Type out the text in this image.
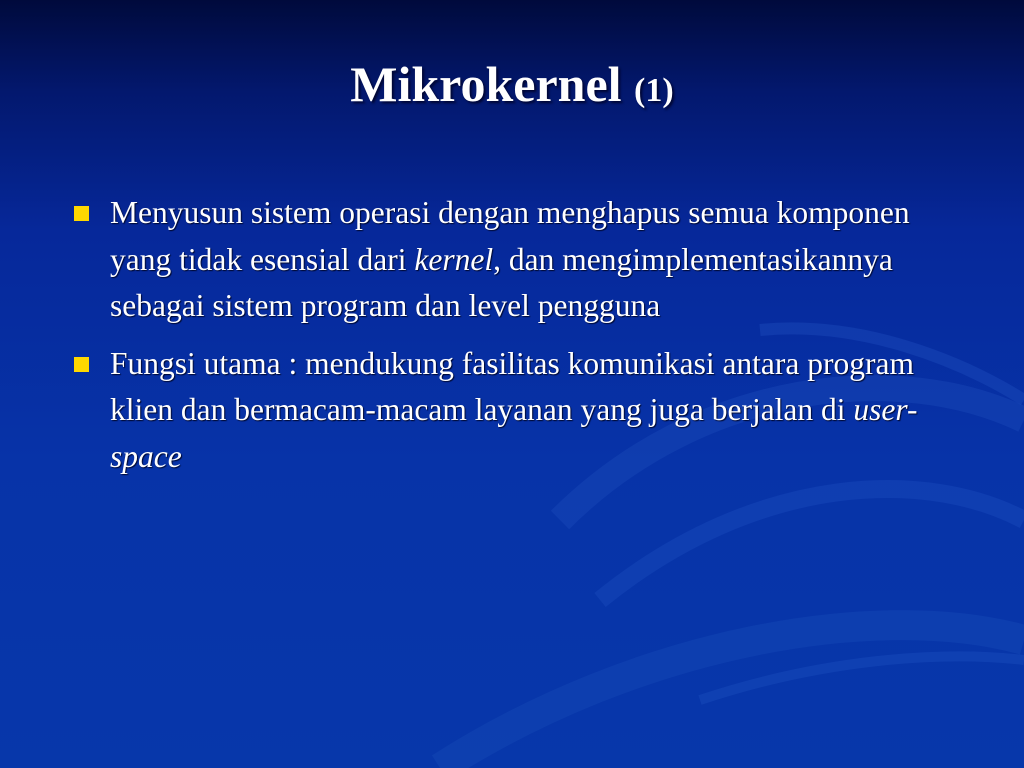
Mikrokernel (1)
Menyusun sistem operasi dengan menghapus semua komponen yang tidak esensial dari kernel, dan mengimplementasikannya sebagai sistem program dan level pengguna
Fungsi utama : mendukung fasilitas komunikasi antara program klien dan bermacam-macam layanan yang juga berjalan di user-space
